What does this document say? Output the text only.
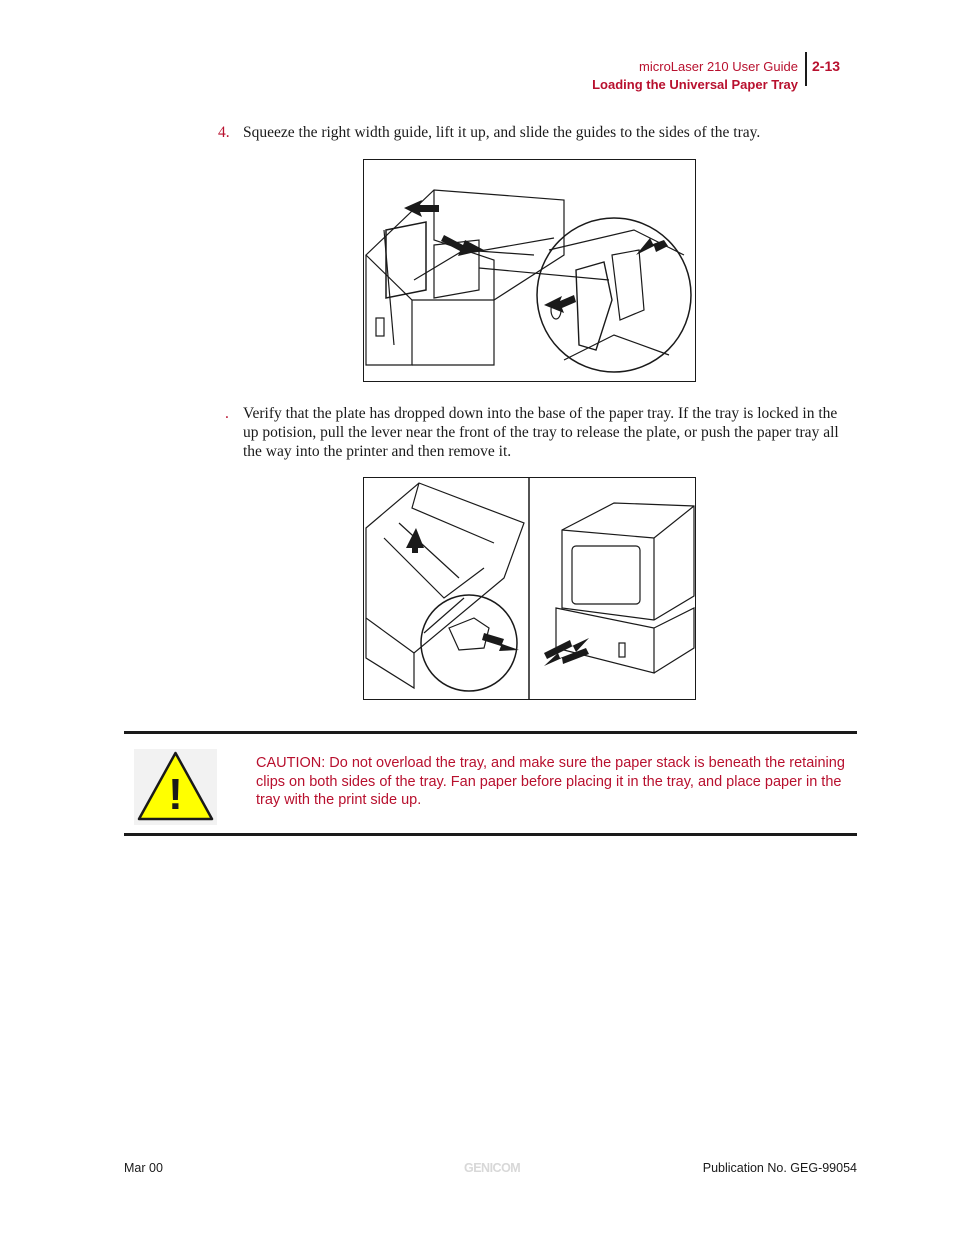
microLaser 210 User Guide
Loading the Universal Paper Tray
2-13
4. Squeeze the right width guide, lift it up, and slide the guides to the sides of the tray.
. Verify that the plate has dropped down into the base of the paper tray. If the tray is locked in the up potision, pull the lever near the front of the tray to release the plate, or push the paper tray all the way into the printer and then remove it.
!
CAUTION: Do not overload the tray, and make sure the paper stack is beneath the retaining clips on both sides of the tray. Fan paper before placing it in the tray, and place paper in the tray with the print side up.
Mar 00	GENICOM	Publication No. GEG-99054
